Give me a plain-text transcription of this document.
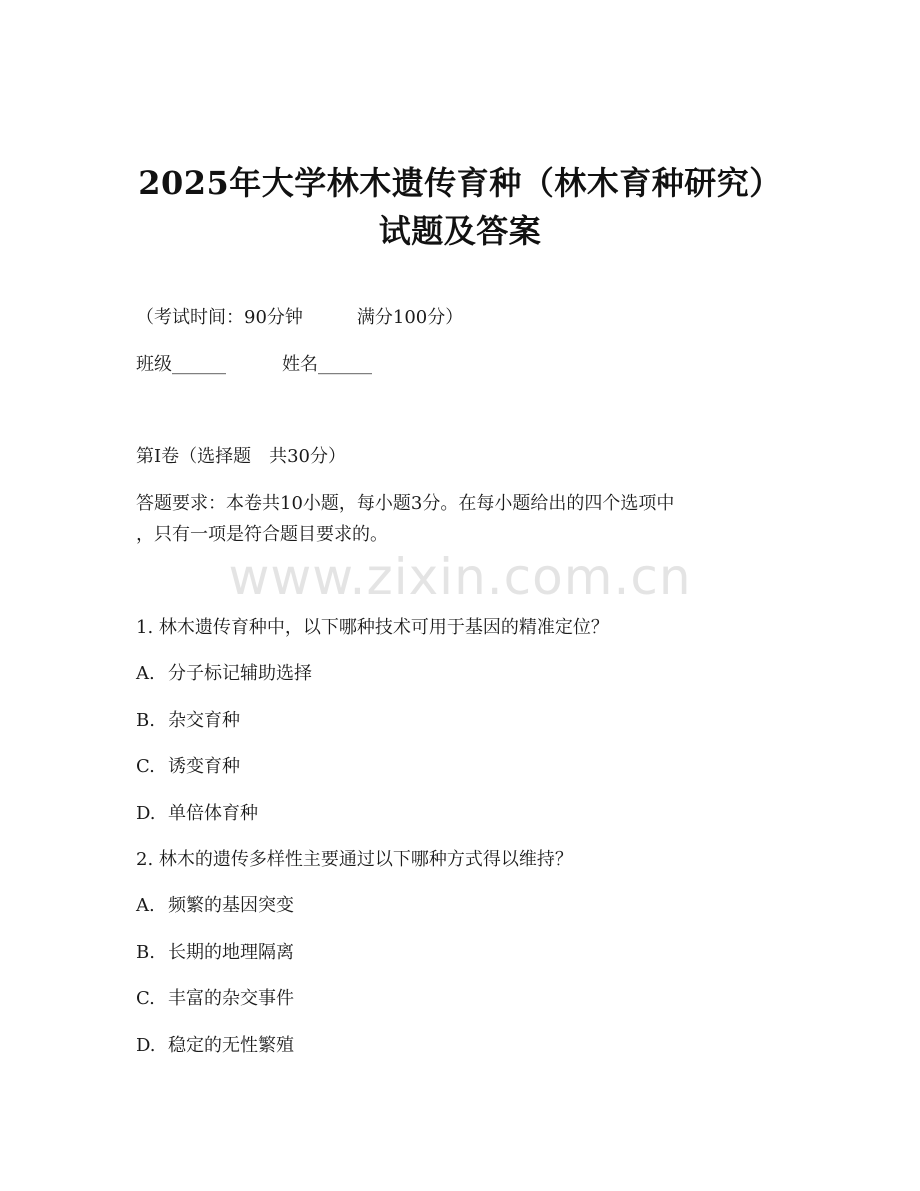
2025年大学林木遗传育种（林木育种研究）
试题及答案
（考试时间：90分钟　　　满分100分）
班级______	姓名______
第I卷（选择题　共30分）
答题要求：本卷共10小题，每小题3分。在每小题给出的四个选项中
，只有一项是符合题目要求的。
www.zixin.com.cn
1. 林木遗传育种中，以下哪种技术可用于基因的精准定位？
A. 分子标记辅助选择
B. 杂交育种
C. 诱变育种
D. 单倍体育种
2. 林木的遗传多样性主要通过以下哪种方式得以维持？
A. 频繁的基因突变
B. 长期的地理隔离
C. 丰富的杂交事件
D. 稳定的无性繁殖
